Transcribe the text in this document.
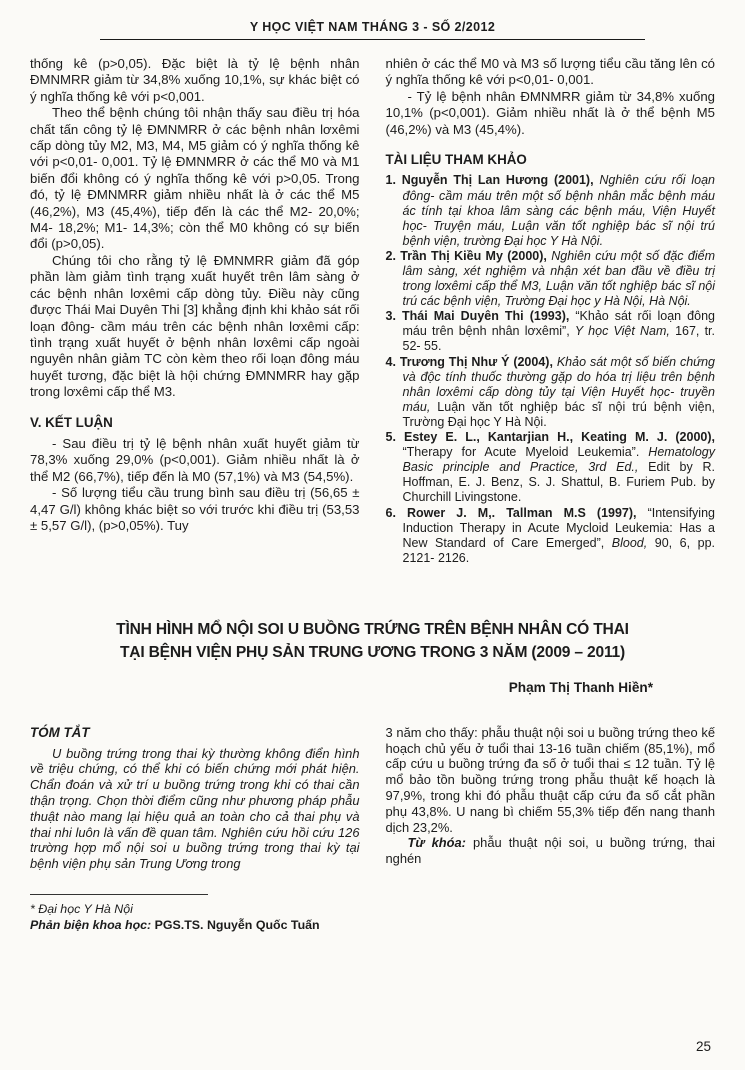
Y HỌC VIỆT NAM THÁNG 3 - SỐ 2/2012

thống kê (p>0,05). Đặc biệt là tỷ lệ bệnh nhân ĐMNMRR giảm từ 34,8% xuống 10,1%, sự khác biệt có ý nghĩa thống kê với p<0,001.

Theo thể bệnh chúng tôi nhận thấy sau điều trị hóa chất tấn công tỷ lệ ĐMNMRR ở các bệnh nhân lơxêmi cấp dòng tủy M2, M3, M4, M5 giảm có ý nghĩa thống kê với p<0,01- 0,001. Tỷ lệ ĐMNMRR ở các thể M0 và M1 biến đổi không có ý nghĩa thống kê với p>0,05. Trong đó, tỷ lệ ĐMNMRR giảm nhiều nhất là ở các thể M5 (46,2%), M3 (45,4%), tiếp đến là các thể M2- 20,0%; M4- 18,2%; M1- 14,3%; còn thể M0 không có sự biến đổi (p>0,05).

Chúng tôi cho rằng tỷ lệ ĐMNMRR giảm đã góp phần làm giảm tình trạng xuất huyết trên lâm sàng ở các bệnh nhân lơxêmi cấp dòng tủy. Điều này cũng được Thái Mai Duyên Thi [3] khẳng định khi khảo sát rối loạn đông- cầm máu trên các bệnh nhân lơxêmi cấp: tình trạng xuất huyết ở bệnh nhân lơxêmi cấp ngoài nguyên nhân giảm TC còn kèm theo rối loạn đông máu huyết tương, đặc biệt là hội chứng ĐMNMRR hay gặp trong lơxêmi cấp thể M3.

V. KẾT LUẬN

- Sau điều trị tỷ lệ bệnh nhân xuất huyết giảm từ 78,3% xuống 29,0% (p<0,001). Giảm nhiều nhất là ở thể M2 (66,7%), tiếp đến là M0 (57,1%) và M3 (54,5%).

- Số lượng tiểu cầu trung bình sau điều trị (56,65 ± 4,47 G/l) không khác biệt so với trước khi điều trị (53,53 ± 5,57 G/l), (p>0,05%). Tuy

nhiên ở các thể M0 và M3 số lượng tiểu cầu tăng lên có ý nghĩa thống kê với p<0,01- 0,001.

- Tỷ lệ bệnh nhân ĐMNMRR giảm từ 34,8% xuống 10,1% (p<0,001). Giảm nhiều nhất là ở thể bệnh M5 (46,2%) và M3 (45,4%).

TÀI LIỆU THAM KHẢO
1. Nguyễn Thị Lan Hương (2001), Nghiên cứu rối loạn đông- cầm máu trên một số bệnh nhân mắc bệnh máu ác tính tại khoa lâm sàng các bệnh máu, Viện Huyết học- Truyện máu, Luận văn tốt nghiệp bác sĩ nội trú bệnh viện, trường Đại học Y Hà Nội.
2. Trần Thị Kiều My (2000), Nghiên cứu một số đặc điểm lâm sàng, xét nghiệm và nhận xét ban đầu về điều trị trong lơxêmi cấp thể M3, Luận văn tốt nghiệp bác sĩ nội trú các bệnh viện, Trường Đại học y Hà Nội, Hà Nội.
3. Thái Mai Duyên Thi (1993), “Khảo sát rối loạn đông máu trên bệnh nhân lơxêmi”, Y học Việt Nam, 167, tr. 52- 55.
4. Trương Thị Như Ý (2004), Khảo sát một số biến chứng và độc tính thuốc thường gặp do hóa trị liệu trên bệnh nhân lơxêmi cấp dòng tủy tại Viện Huyết học- truyền máu, Luận văn tốt nghiệp bác sĩ nội trú bệnh viện, Trường Đại học Y Hà Nội.
5. Estey E. L., Kantarjian H., Keating M. J. (2000), “Therapy for Acute Myeloid Leukemia”. Hematology Basic principle and Practice, 3rd Ed., Edit by R. Hoffman, E. J. Benz, S. J. Shattul, B. Furiem Pub. by Churchill Livingstone.
6. Rower J. M,. Tallman M.S (1997), “Intensifying Induction Therapy in Acute Mycloid Leukemia: Has a New Standard of Care Emerged”, Blood, 90, 6, pp. 2121- 2126.
TÌNH HÌNH MỔ NỘI SOI U BUỒNG TRỨNG TRÊN BỆNH NHÂN CÓ THAI
TẠI BỆNH VIỆN PHỤ SẢN TRUNG ƯƠNG TRONG 3 NĂM (2009 – 2011)
Phạm Thị Thanh Hiền*
TÓM TẮT

U buồng trứng trong thai kỳ thường không điển hình về triệu chứng, có thể khi có biến chứng mới phát hiện. Chẩn đoán và xử trí u buồng trứng trong khi có thai cần thận trọng. Chọn thời điểm cũng như phương pháp phẫu thuật nào mang lại hiệu quả an toàn cho cả thai phụ và thai nhi luôn là vấn đề quan tâm. Nghiên cứu hồi cứu 126 trường hợp mổ nội soi u buồng trứng trong thai kỳ tại bệnh viện phụ sản Trung Ương trong

3 năm cho thấy: phẫu thuật nội soi u buồng trứng theo kế hoạch chủ yếu ở tuổi thai 13-16 tuần chiếm (85,1%), mổ cấp cứu u buồng trứng đa số ở tuổi thai ≤ 12 tuần. Tỷ lệ mổ bảo tồn buồng trứng trong phẫu thuật kế hoạch là 97,9%, trong khi đó phẫu thuật cấp cứu đa số cắt phần phụ 43,8%. U nang bì chiếm 55,3% tiếp đến nang thanh dịch 23,2%.

Từ khóa: phẫu thuật nội soi, u buồng trứng, thai nghén

* Đại học Y Hà Nội
Phản biện khoa học: PGS.TS. Nguyễn Quốc Tuấn
25
